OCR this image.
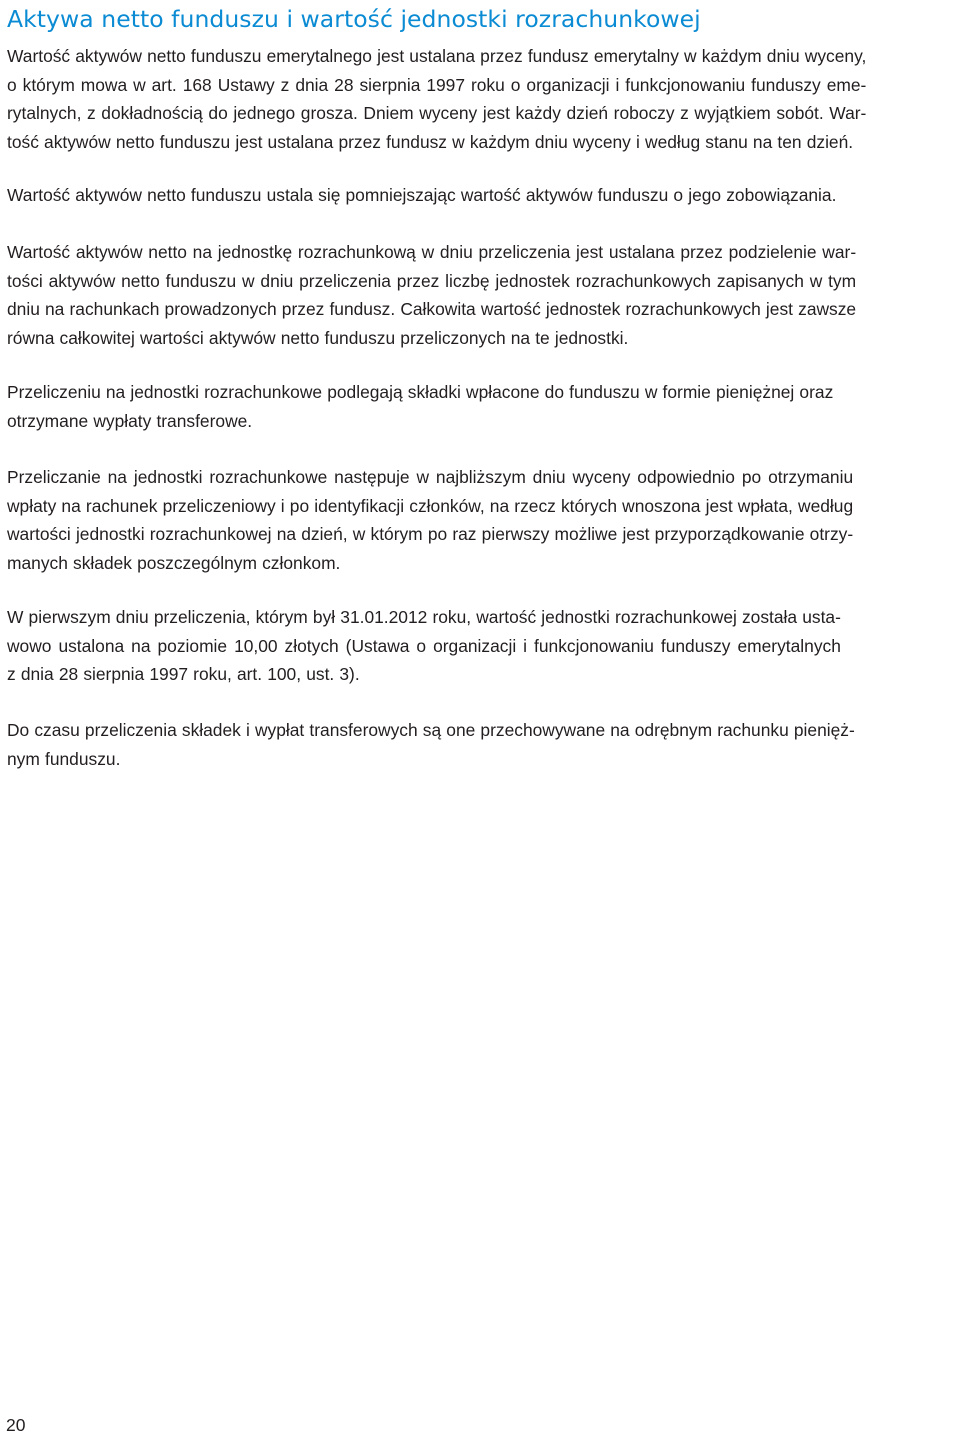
Aktywa netto funduszu i wartość jednostki rozrachunkowej

Wartość aktywów netto funduszu emerytalnego jest ustalana przez fundusz emerytalny w każdym dniu wyceny,
o którym mowa w art. 168 Ustawy z dnia 28 sierpnia 1997 roku o organizacji i funkcjonowaniu funduszy eme-
rytalnych, z dokładnością do jednego grosza. Dniem wyceny jest każdy dzień roboczy z wyjątkiem sobót. War-
tość aktywów netto funduszu jest ustalana przez fundusz w każdym dniu wyceny i według stanu na ten dzień.

Wartość aktywów netto funduszu ustala się pomniejszając wartość aktywów funduszu o jego zobowiązania.

Wartość aktywów netto na jednostkę rozrachunkową w dniu przeliczenia jest ustalana przez podzielenie war-
tości aktywów netto funduszu w dniu przeliczenia przez liczbę jednostek rozrachunkowych zapisanych w tym
dniu na rachunkach prowadzonych przez fundusz. Całkowita wartość jednostek rozrachunkowych jest zawsze
równa całkowitej wartości aktywów netto funduszu przeliczonych na te jednostki.

Przeliczeniu na jednostki rozrachunkowe podlegają składki wpłacone do funduszu w formie pieniężnej oraz
otrzymane wypłaty transferowe.

Przeliczanie na jednostki rozrachunkowe następuje w najbliższym dniu wyceny odpowiednio po otrzymaniu
wpłaty na rachunek przeliczeniowy i po identyfikacji członków, na rzecz których wnoszona jest wpłata, według
wartości jednostki rozrachunkowej na dzień, w którym po raz pierwszy możliwe jest przyporządkowanie otrzy-
manych składek poszczególnym członkom.

W pierwszym dniu przeliczenia, którym był 31.01.2012 roku, wartość jednostki rozrachunkowej została usta-
wowo ustalona na poziomie 10,00 złotych (Ustawa o organizacji i funkcjonowaniu funduszy emerytalnych
z dnia 28 sierpnia 1997 roku, art. 100, ust. 3).

Do czasu przeliczenia składek i wypłat transferowych są one przechowywane na odrębnym rachunku pienięż-
nym funduszu.

20
